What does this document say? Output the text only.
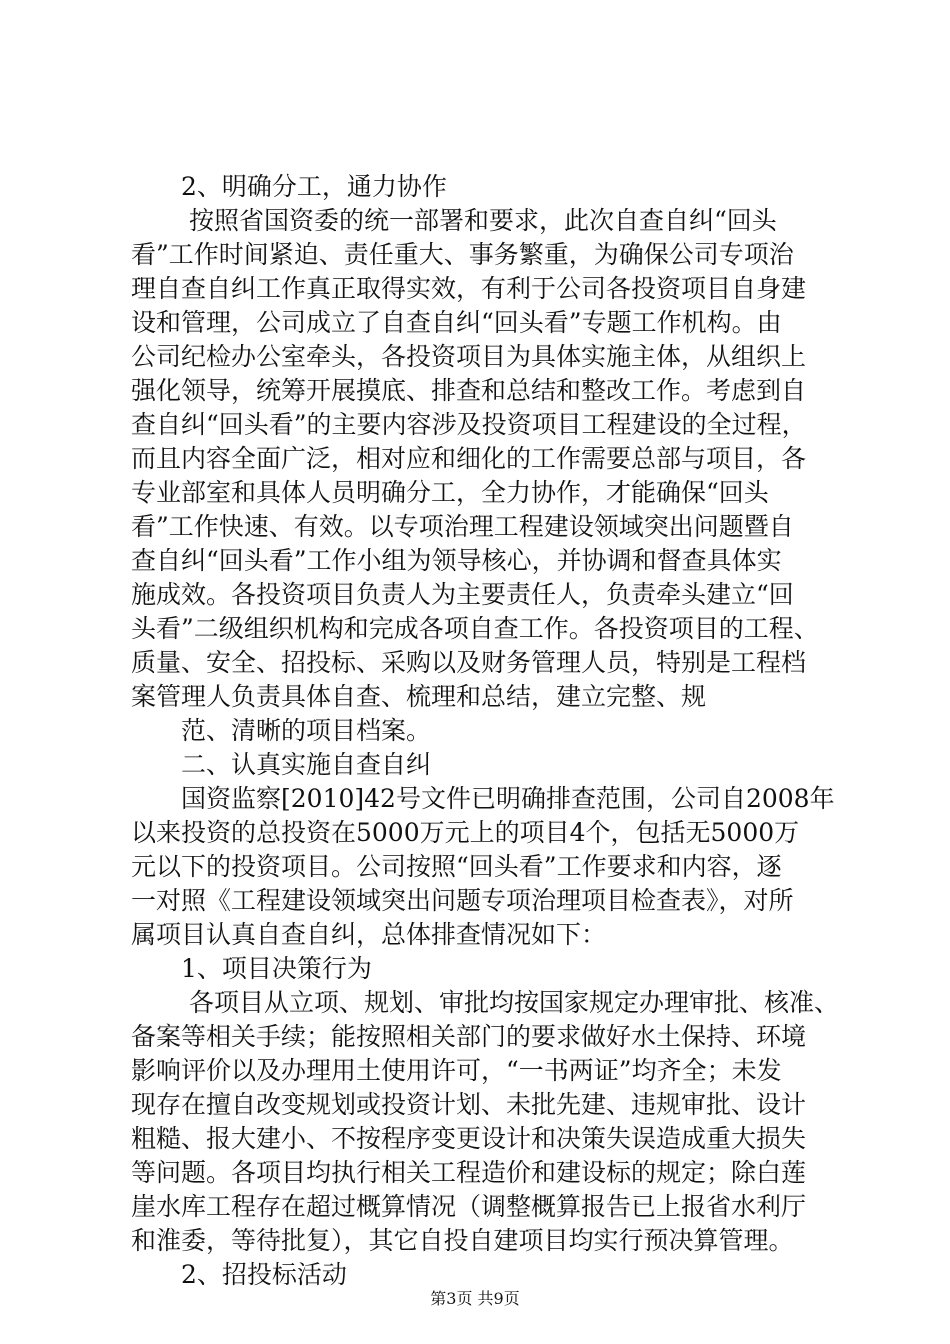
　　2、明确分工，通力协作

　　 按照省国资委的统一部署和要求，此次自查自纠“回头

看”工作时间紧迫、责任重大、事务繁重，为确保公司专项治

理自查自纠工作真正取得实效，有利于公司各投资项目自身建

设和管理，公司成立了自查自纠“回头看”专题工作机构。由

公司纪检办公室牵头，各投资项目为具体实施主体，从组织上

强化领导，统筹开展摸底、排查和总结和整改工作。考虑到自

查自纠“回头看”的主要内容涉及投资项目工程建设的全过程，

而且内容全面广泛，相对应和细化的工作需要总部与项目，各

专业部室和具体人员明确分工，全力协作，才能确保“回头

看”工作快速、有效。以专项治理工程建设领域突出问题暨自

查自纠“回头看”工作小组为领导核心，并协调和督查具体实

施成效。各投资项目负责人为主要责任人，负责牵头建立“回

头看”二级组织机构和完成各项自查工作。各投资项目的工程、

质量、安全、招投标、采购以及财务管理人员，特别是工程档

案管理人负责具体自查、梳理和总结，建立完整、规

　　范、清晰的项目档案。

　　二、认真实施自查自纠

　　国资监察[2010]42号文件已明确排查范围，公司自2008年

以来投资的总投资在5000万元上的项目4个，包括无5000万

元以下的投资项目。公司按照“回头看”工作要求和内容，逐

一对照《工程建设领域突出问题专项治理项目检查表》，对所

属项目认真自查自纠，总体排查情况如下：

　　1、项目决策行为

　　 各项目从立项、规划、审批均按国家规定办理审批、核准、

备案等相关手续；能按照相关部门的要求做好水土保持、环境

影响评价以及办理用土使用许可，“一书两证”均齐全；未发

现存在擅自改变规划或投资计划、未批先建、违规审批、设计

粗糙、报大建小、不按程序变更设计和决策失误造成重大损失

等问题。各项目均执行相关工程造价和建设标的规定；除白莲

崖水库工程存在超过概算情况（调整概算报告已上报省水利厅

和淮委，等待批复），其它自投自建项目均实行预决算管理。

　　2、招投标活动

第3页 共9页
